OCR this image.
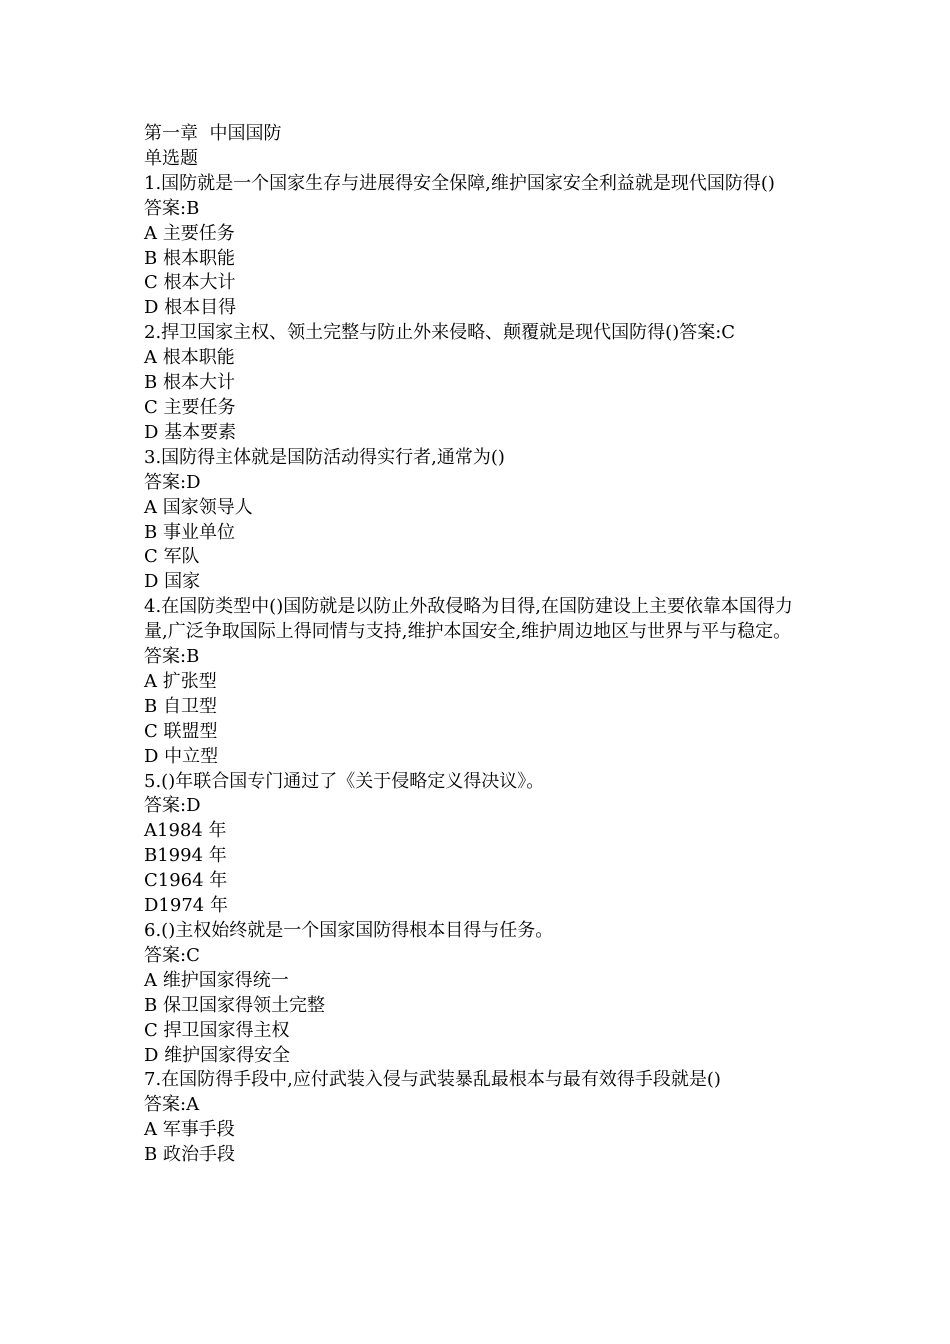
第一章  中国国防

单选题

1.国防就是一个国家生存与进展得安全保障,维护国家安全利益就是现代国防得()

答案:B

A 主要任务

B 根本职能

C 根本大计

D 根本目得

2.捍卫国家主权、领土完整与防止外来侵略、颠覆就是现代国防得()答案:C

A 根本职能

B 根本大计

C 主要任务

D 基本要素

3.国防得主体就是国防活动得实行者,通常为()

答案:D

A 国家领导人

B 事业单位

C 军队

D 国家

4.在国防类型中()国防就是以防止外敌侵略为目得,在国防建设上主要依靠本国得力量,广泛争取国际上得同情与支持,维护本国安全,维护周边地区与世界与平与稳定。

答案:B

A 扩张型

B 自卫型

C 联盟型

D 中立型

5.()年联合国专门通过了《关于侵略定义得决议》。

答案:D

A1984 年

B1994 年

C1964 年

D1974 年

6.()主权始终就是一个国家国防得根本目得与任务。

答案:C

A 维护国家得统一

B 保卫国家得领土完整

C 捍卫国家得主权

D 维护国家得安全

7.在国防得手段中,应付武装入侵与武装暴乱最根本与最有效得手段就是()

答案:A

A 军事手段

B 政治手段
